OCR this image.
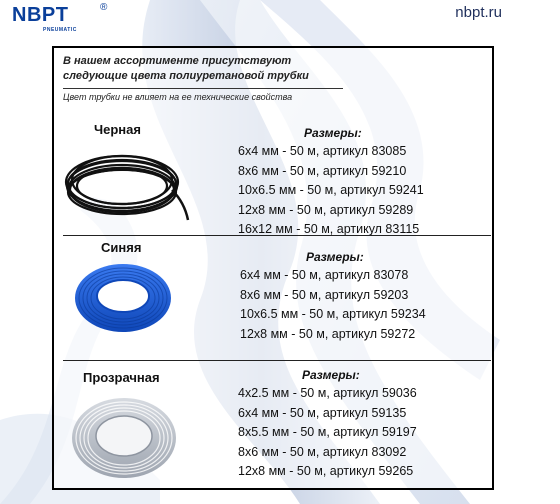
NBPT	®
PNEUMATIC
nbpt.ru
В нашем ассортименте присутствуют
следующие цвета полиуретановой трубки
Цвет трубки не влияет на ее технические свойства
Черная	Размеры:
6x4 мм - 50 м, артикул 83085
8x6 мм - 50 м, артикул 59210
10x6.5 мм - 50 м, артикул 59241
12x8 мм - 50 м, артикул 59289
16x12 мм - 50 м, артикул 83115
Синяя
Размеры:
6x4 мм - 50 м, артикул 83078
8x6 мм - 50 м, артикул 59203
10x6.5 мм - 50 м, артикул 59234
12x8 мм - 50 м, артикул 59272
Прозрачная	Размеры:
4x2.5 мм - 50 м, артикул 59036
6x4 мм - 50 м, артикул 59135
8x5.5 мм - 50 м, артикул 59197
8x6 мм - 50 м, артикул 83092
12x8 мм - 50 м, артикул 59265
